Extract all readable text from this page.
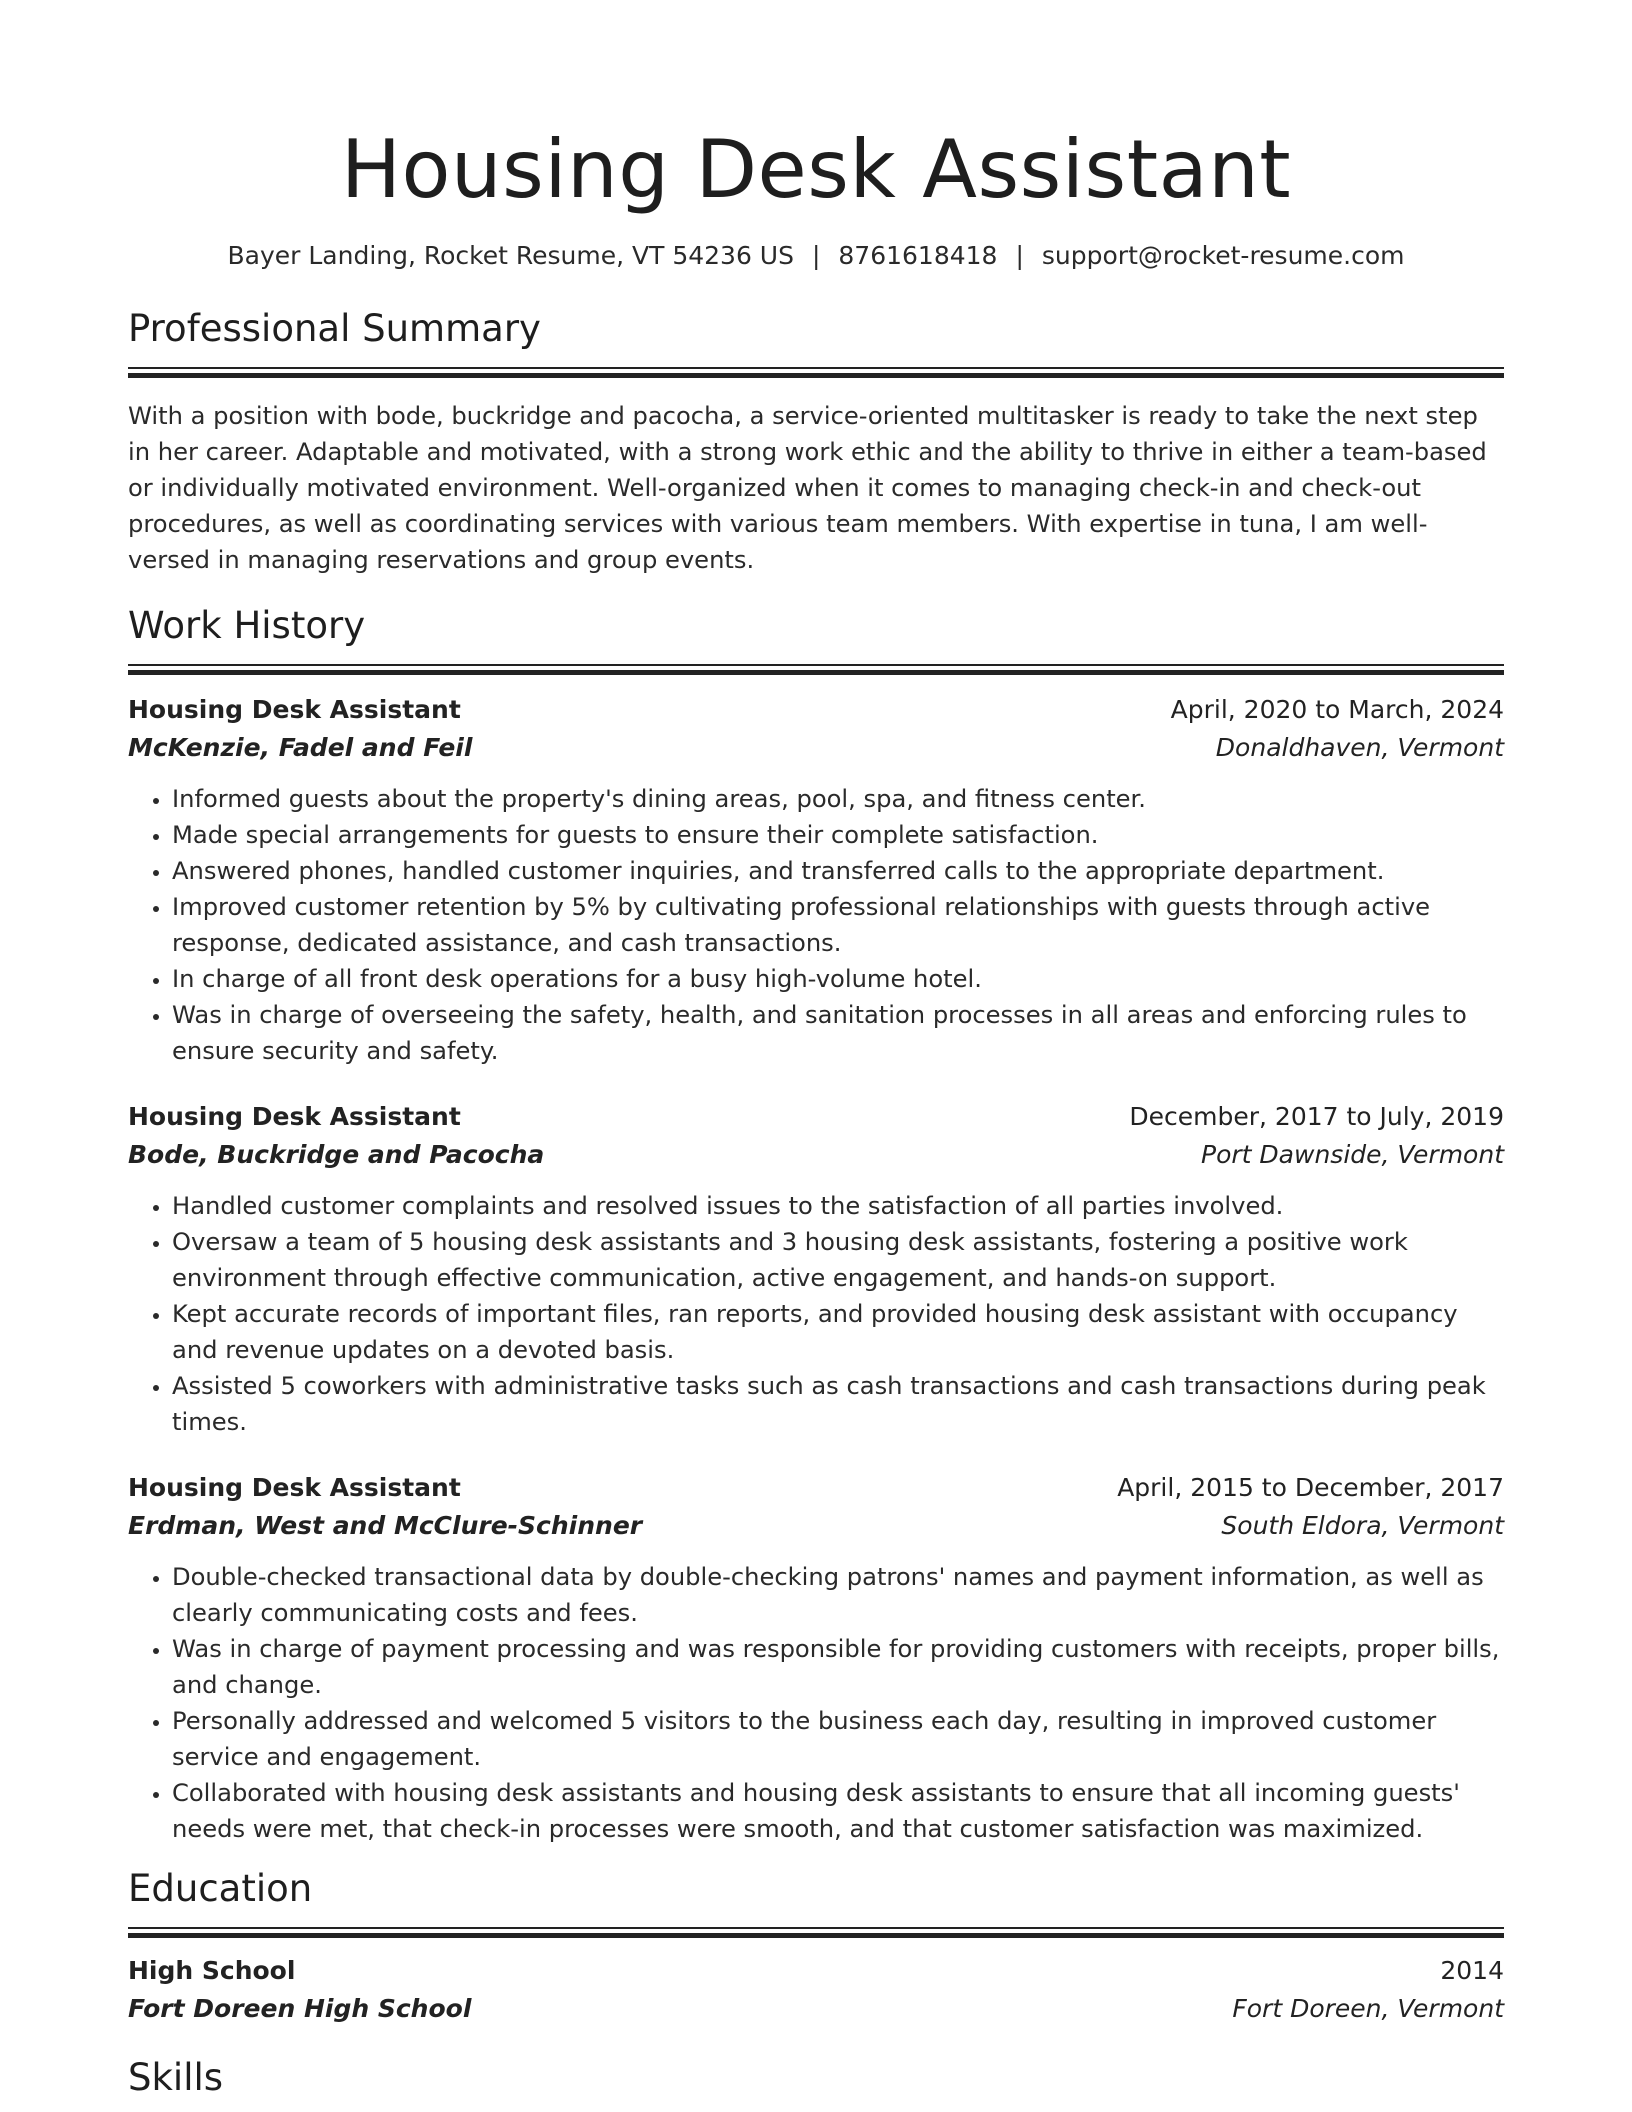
Housing Desk Assistant
Bayer Landing, Rocket Resume, VT 54236 US | 8761618418 | support@rocket-resume.com
Professional Summary

With a position with bode, buckridge and pacocha, a service-oriented multitasker is ready to take the next step in her career. Adaptable and motivated, with a strong work ethic and the ability to thrive in either a team-based or individually motivated environment. Well-organized when it comes to managing check-in and check-out procedures, as well as coordinating services with various team members. With expertise in tuna, I am well-versed in managing reservations and group events.

Work History
Housing Desk Assistant	April, 2020 to March, 2024
McKenzie, Fadel and Feil	Donaldhaven, Vermont
• Informed guests about the property's dining areas, pool, spa, and fitness center.
• Made special arrangements for guests to ensure their complete satisfaction.
• Answered phones, handled customer inquiries, and transferred calls to the appropriate department.
• Improved customer retention by 5% by cultivating professional relationships with guests through active response, dedicated assistance, and cash transactions.
• In charge of all front desk operations for a busy high-volume hotel.
• Was in charge of overseeing the safety, health, and sanitation processes in all areas and enforcing rules to ensure security and safety.
Housing Desk Assistant	December, 2017 to July, 2019
Bode, Buckridge and Pacocha	Port Dawnside, Vermont
• Handled customer complaints and resolved issues to the satisfaction of all parties involved.
• Oversaw a team of 5 housing desk assistants and 3 housing desk assistants, fostering a positive work environment through effective communication, active engagement, and hands-on support.
• Kept accurate records of important files, ran reports, and provided housing desk assistant with occupancy and revenue updates on a devoted basis.
• Assisted 5 coworkers with administrative tasks such as cash transactions and cash transactions during peak times.
Housing Desk Assistant	April, 2015 to December, 2017
Erdman, West and McClure-Schinner	South Eldora, Vermont
• Double-checked transactional data by double-checking patrons' names and payment information, as well as clearly communicating costs and fees.
• Was in charge of payment processing and was responsible for providing customers with receipts, proper bills, and change.
• Personally addressed and welcomed 5 visitors to the business each day, resulting in improved customer service and engagement.
• Collaborated with housing desk assistants and housing desk assistants to ensure that all incoming guests' needs were met, that check-in processes were smooth, and that customer satisfaction was maximized.
Education
High School	2014
Fort Doreen High School	Fort Doreen, Vermont
Skills
